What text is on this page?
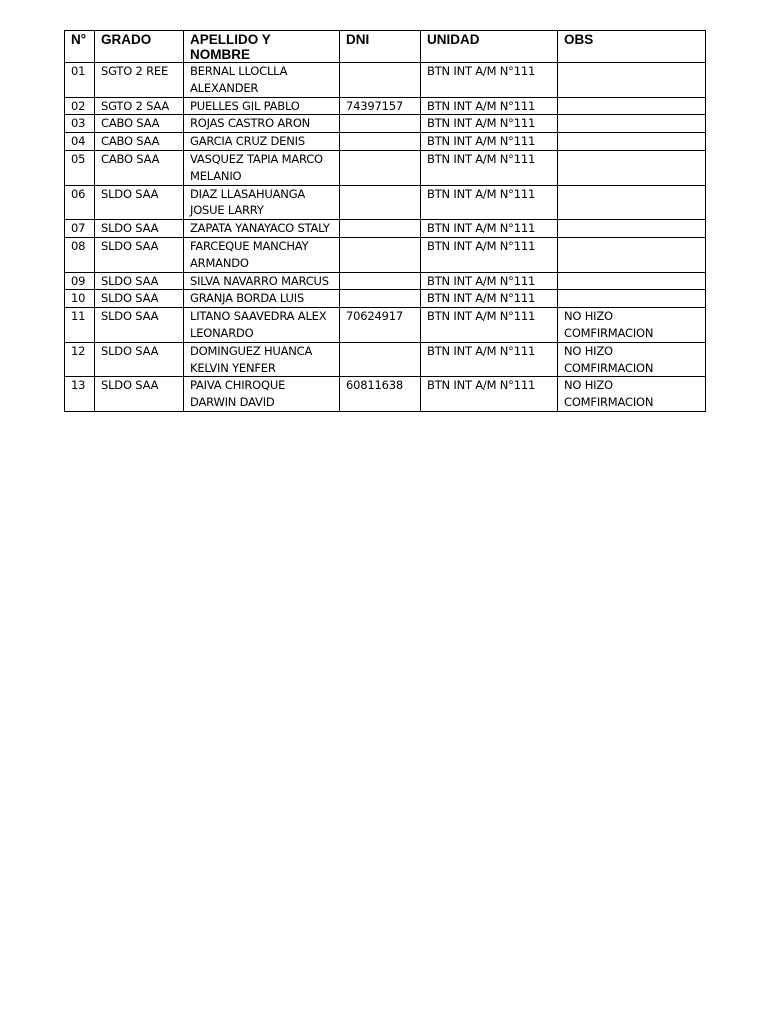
N°	GRADO	APELLIDO Y NOMBRE	DNI	UNIDAD	OBS
01	SGTO 2 REE	BERNAL LLOCLLA ALEXANDER		BTN INT A/M N°111	
02	SGTO 2 SAA	PUELLES GIL PABLO	74397157	BTN INT A/M N°111	
03	CABO SAA	ROJAS CASTRO ARON		BTN INT A/M N°111	
04	CABO SAA	GARCIA CRUZ DENIS		BTN INT A/M N°111	
05	CABO SAA	VASQUEZ TAPIA MARCO MELANIO		BTN INT A/M N°111	
06	SLDO SAA	DIAZ LLASAHUANGA JOSUE LARRY		BTN INT A/M N°111	
07	SLDO SAA	ZAPATA YANAYACO STALY		BTN INT A/M N°111	
08	SLDO SAA	FARCEQUE MANCHAY ARMANDO		BTN INT A/M N°111	
09	SLDO SAA	SILVA NAVARRO MARCUS		BTN INT A/M N°111	
10	SLDO SAA	GRANJA BORDA LUIS		BTN INT A/M N°111	
11	SLDO SAA	LITANO SAAVEDRA ALEX LEONARDO	70624917	BTN INT A/M N°111	NO HIZO COMFIRMACION
12	SLDO SAA	DOMINGUEZ HUANCA KELVIN YENFER		BTN INT A/M N°111	NO HIZO COMFIRMACION
13	SLDO SAA	PAIVA CHIROQUE DARWIN DAVID	60811638	BTN INT A/M N°111	NO HIZO COMFIRMACION
